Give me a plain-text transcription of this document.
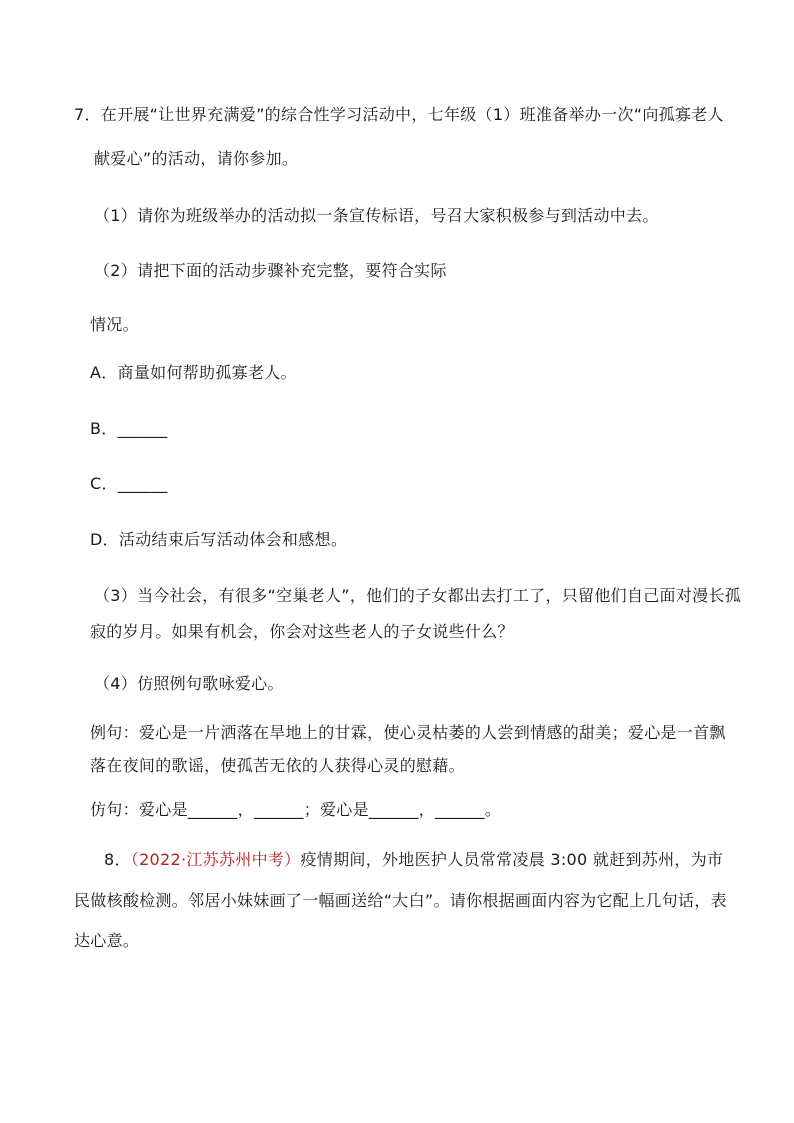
7．在开展“让世界充满爱”的综合性学习活动中，七年级（1）班准备举办一次“向孤寡老人
献爱心”的活动，请你参加。
（1）请你为班级举办的活动拟一条宣传标语，号召大家积极参与到活动中去。
（2）请把下面的活动步骤补充完整，要符合实际
情况。
A．商量如何帮助孤寡老人。
B．______
C．______
D．活动结束后写活动体会和感想。
（3）当今社会，有很多“空巢老人”，他们的子女都出去打工了，只留他们自己面对漫长孤
寂的岁月。如果有机会，你会对这些老人的子女说些什么？
（4）仿照例句歌咏爱心。
例句：爱心是一片洒落在旱地上的甘霖，使心灵枯萎的人尝到情感的甜美；爱心是一首飘
落在夜间的歌谣，使孤苦无依的人获得心灵的慰藉。
仿句：爱心是______，______；爱心是______，______。
8．（2022·江苏苏州中考）疫情期间，外地医护人员常常凌晨 3:00 就赶到苏州，为市
民做核酸检测。邻居小妹妹画了一幅画送给“大白”。请你根据画面内容为它配上几句话，表
达心意。
